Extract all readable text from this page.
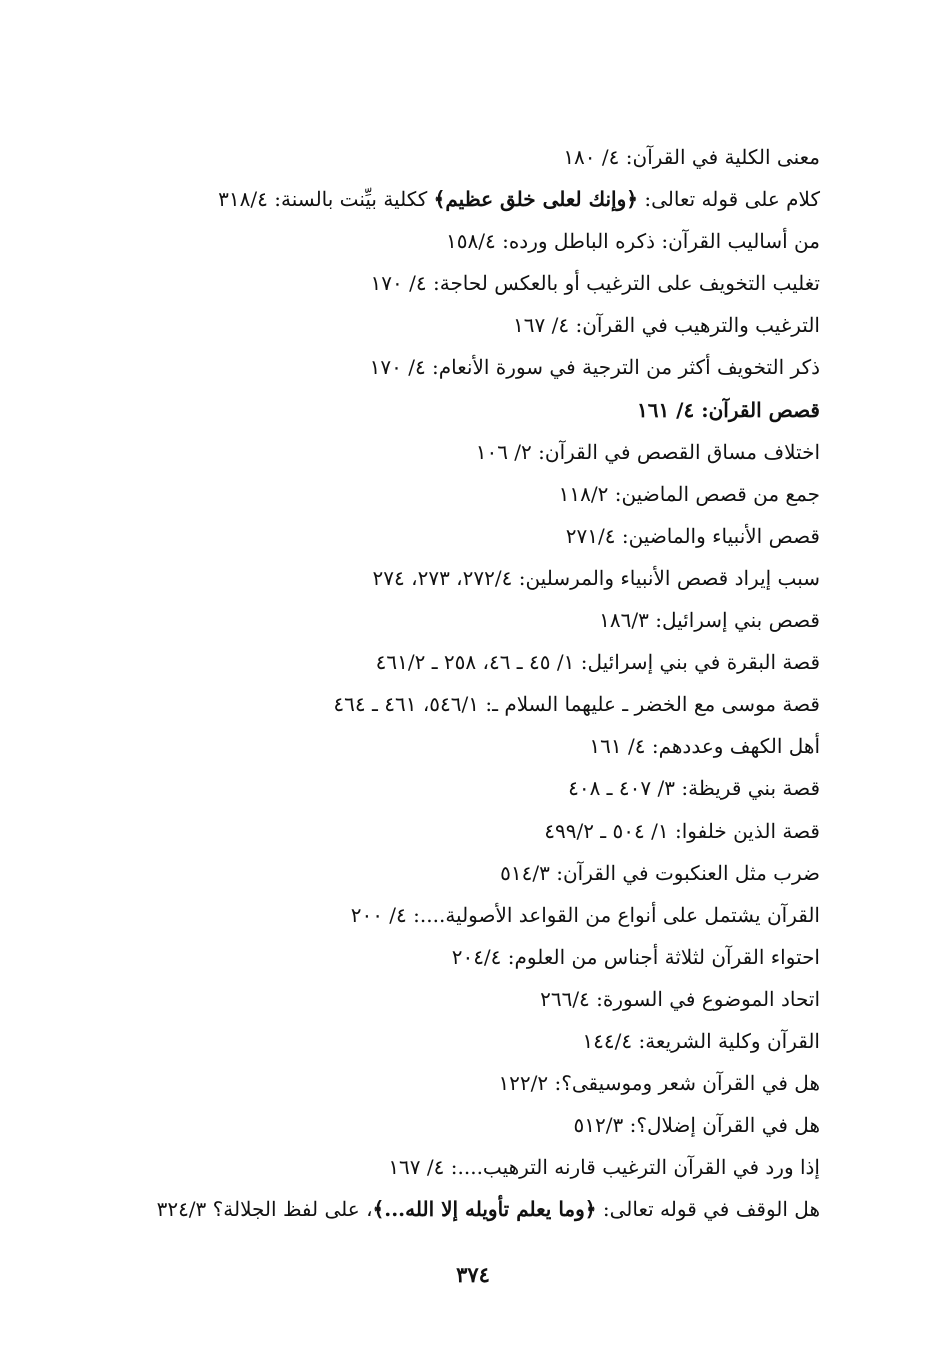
معنى الكلية في القرآن: ٤/ ١٨٠
كلام على قوله تعالى: ﴿وإنك لعلى خلق عظيم﴾ ككلية بيِّنت بالسنة: ٣١٨/٤
من أساليب القرآن: ذكره الباطل ورده: ١٥٨/٤
تغليب التخويف على الترغيب أو بالعكس لحاجة: ٤/ ١٧٠
الترغيب والترهيب في القرآن: ٤/ ١٦٧
ذكر التخويف أكثر من الترجية في سورة الأنعام: ٤/ ١٧٠
قصص القرآن: ٤/ ١٦١
اختلاف مساق القصص في القرآن: ٢/ ١٠٦
جمع من قصص الماضين: ١١٨/٢
قصص الأنبياء والماضين: ٢٧١/٤
سبب إيراد قصص الأنبياء والمرسلين: ٢٧٢/٤، ٢٧٣، ٢٧٤
قصص بني إسرائيل: ١٨٦/٣
قصة البقرة في بني إسرائيل: ١/ ٤٥ ـ ٤٦، ٢٥٨ ـ ٤٦١/٢
قصة موسى مع الخضر ـ عليهما السلام ـ: ٥٤٦/١، ٤٦١ ـ ٤٦٤
أهل الكهف وعددهم: ٤/ ١٦١
قصة بني قريظة: ٣/ ٤٠٧ ـ ٤٠٨
قصة الذين خلفوا: ١/ ٥٠٤ ـ ٤٩٩/٢
ضرب مثل العنكبوت في القرآن: ٥١٤/٣
القرآن يشتمل على أنواع من القواعد الأصولية....: ٤/ ٢٠٠
احتواء القرآن لثلاثة أجناس من العلوم: ٢٠٤/٤
اتحاد الموضوع في السورة: ٢٦٦/٤
القرآن وكلية الشريعة: ١٤٤/٤
هل في القرآن شعر وموسيقى؟: ١٢٢/٢
هل في القرآن إضلال؟: ٥١٢/٣
إذا ورد في القرآن الترغيب قارنه الترهيب....: ٤/ ١٦٧
هل الوقف في قوله تعالى: ﴿وما يعلم تأويله إلا الله...﴾، على لفظ الجلالة؟ ٣٢٤/٣
٣٧٤
